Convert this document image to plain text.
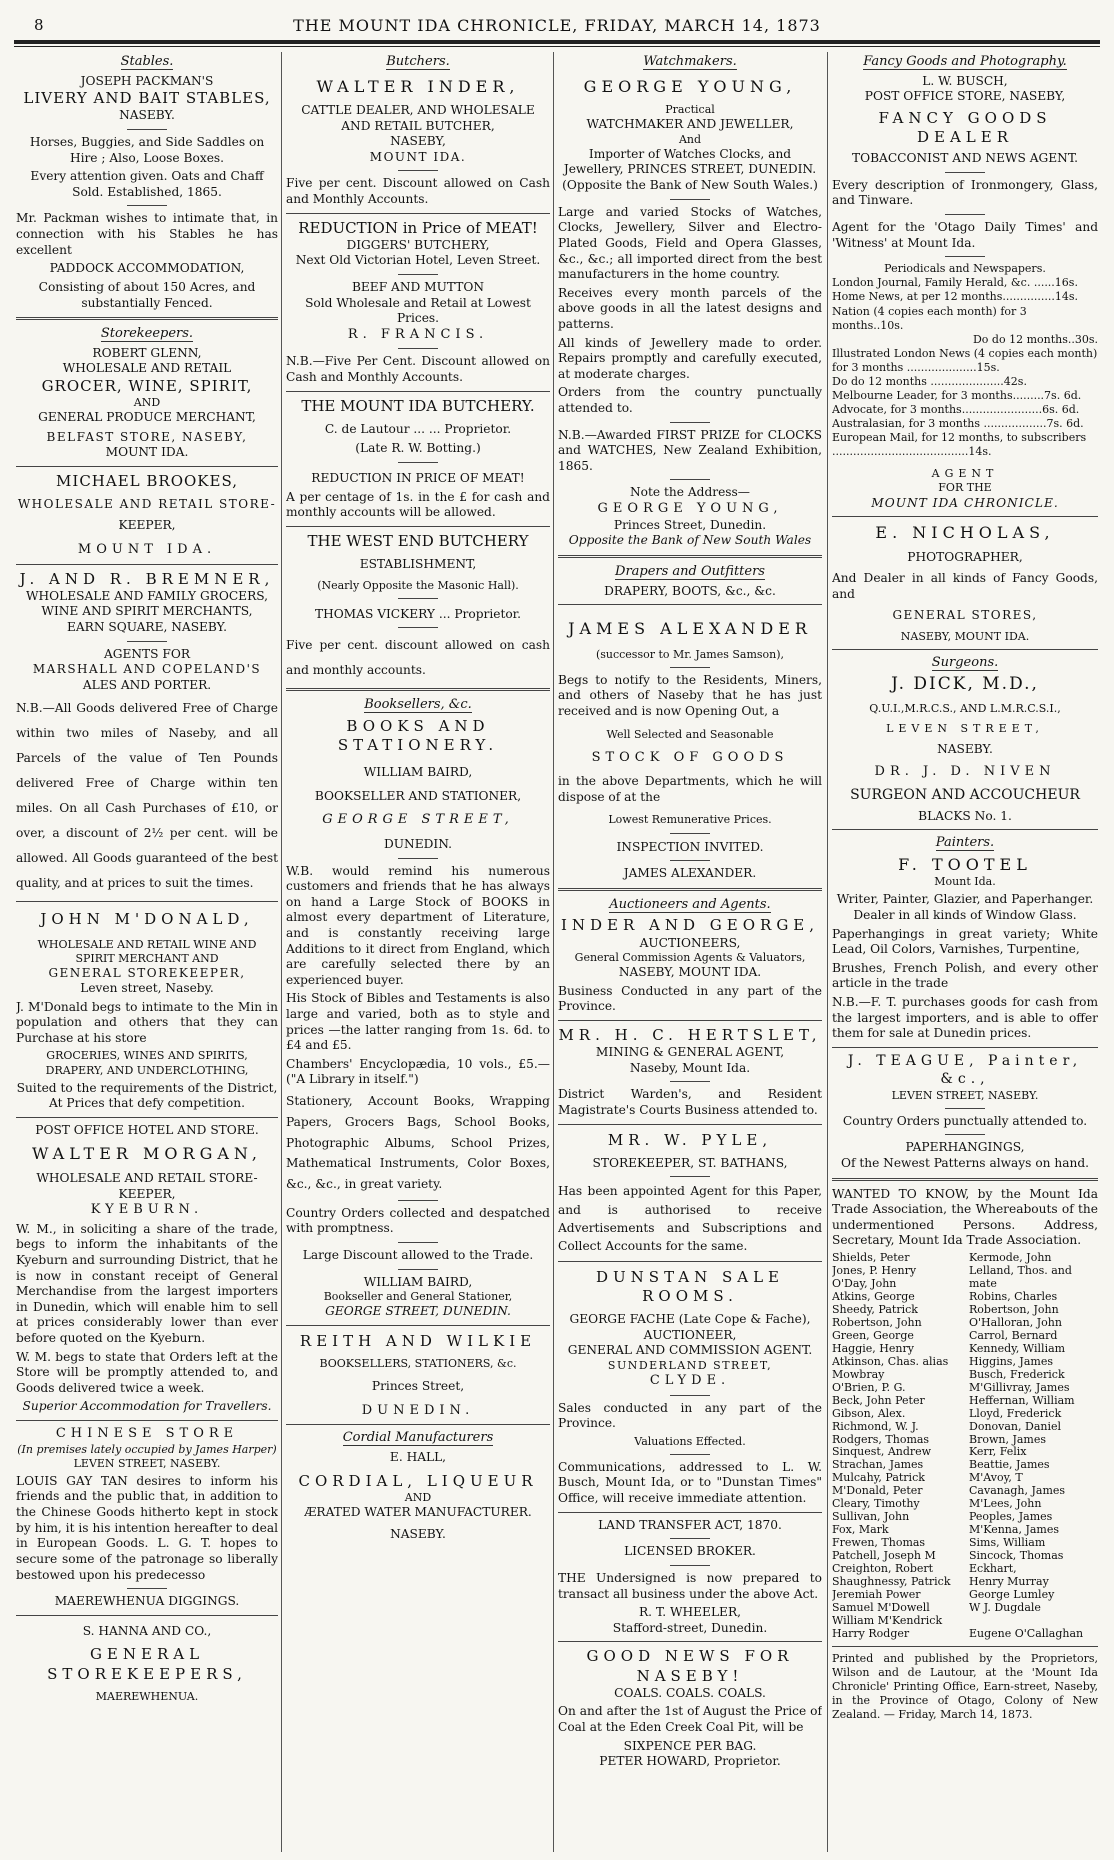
8	THE MOUNT IDA CHRONICLE, FRIDAY, MARCH 14, 1873
Stables.
JOSEPH PACKMAN'S
LIVERY AND BAIT STABLES,
NASEBY.

Horses, Buggies, and Side Saddles on Hire ; Also, Loose Boxes.

Every attention given. Oats and Chaff Sold. Established, 1865.

Mr. Packman wishes to intimate that, in connection with his Stables he has excellent

PADDOCK ACCOMMODATION,

Consisting of about 150 Acres, and substantially Fenced.

Storekeepers.
ROBERT GLENN,
WHOLESALE AND RETAIL
GROCER, WINE, SPIRIT,
AND
GENERAL PRODUCE MERCHANT,
BELFAST STORE, NASEBY,
MOUNT IDA.
MICHAEL BROOKES,
WHOLESALE AND RETAIL STORE-
KEEPER,
MOUNT IDA.
J. AND R. BREMNER,
WHOLESALE AND FAMILY GROCERS,
WINE AND SPIRIT MERCHANTS,
EARN SQUARE, NASEBY.
AGENTS FOR
MARSHALL AND COPELAND'S
ALES AND PORTER.

N.B.—All Goods delivered Free of Charge within two miles of Naseby, and all Parcels of the value of Ten Pounds delivered Free of Charge within ten miles. On all Cash Purchases of £10, or over, a discount of 2½ per cent. will be allowed. All Goods guaranteed of the best quality, and at prices to suit the times.

JOHN M'DONALD,
WHOLESALE AND RETAIL WINE AND
SPIRIT MERCHANT AND
GENERAL STOREKEEPER,
Leven street, Naseby.

J. M'Donald begs to intimate to the Min in population and others that they can Purchase at his store

GROCERIES, WINES AND SPIRITS, DRAPERY, AND UNDERCLOTHING,

Suited to the requirements of the District, At Prices that defy competition.

POST OFFICE HOTEL AND STORE.
WALTER MORGAN,
WHOLESALE AND RETAIL STORE-
KEEPER,
KYEBURN.

W. M., in soliciting a share of the trade, begs to inform the inhabitants of the Kyeburn and surrounding District, that he is now in constant receipt of General Merchandise from the largest importers in Dunedin, which will enable him to sell at prices considerably lower than ever before quoted on the Kyeburn.

W. M. begs to state that Orders left at the Store will be promptly attended to, and Goods delivered twice a week.

Superior Accommodation for Travellers.
CHINESE STORE
(In premises lately occupied by James Harper)
LEVEN STREET, NASEBY.

LOUIS GAY TAN desires to inform his friends and the public that, in addition to the Chinese Goods hitherto kept in stock by him, it is his intention hereafter to deal in European Goods. L. G. T. hopes to secure some of the patronage so liberally bestowed upon his predecesso

MAEREWHENUA DIGGINGS.
S. HANNA AND CO.,
GENERAL STOREKEEPERS,
MAEREWHENUA.
Butchers.
WALTER INDER,
CATTLE DEALER, AND WHOLESALE AND RETAIL BUTCHER,
NASEBY,
MOUNT IDA.

Five per cent. Discount allowed on Cash and Monthly Accounts.

REDUCTION in Price of MEAT!
DIGGERS' BUTCHERY,
Next Old Victorian Hotel, Leven Street.
BEEF AND MUTTON
Sold Wholesale and Retail at Lowest Prices.
R. FRANCIS.

N.B.—Five Per Cent. Discount allowed on Cash and Monthly Accounts.

THE MOUNT IDA BUTCHERY.
C. de Lautour ... ... Proprietor.
(Late R. W. Botting.)
REDUCTION IN PRICE OF MEAT!

A per centage of 1s. in the £ for cash and monthly accounts will be allowed.

THE WEST END BUTCHERY
ESTABLISHMENT,
(Nearly Opposite the Masonic Hall).
THOMAS VICKERY ... Proprietor.

Five per cent. discount allowed on cash and monthly accounts.

Booksellers, &c.
BOOKS AND STATIONERY.
WILLIAM BAIRD,
BOOKSELLER AND STATIONER,
GEORGE STREET,
DUNEDIN.

W.B. would remind his numerous customers and friends that he has always on hand a Large Stock of BOOKS in almost every department of Literature, and is constantly receiving large Additions to it direct from England, which are carefully selected there by an experienced buyer.

His Stock of Bibles and Testaments is also large and varied, both as to style and prices —the latter ranging from 1s. 6d. to £4 and £5.

Chambers' Encyclopædia, 10 vols., £5.— ("A Library in itself.")

Stationery, Account Books, Wrapping Papers, Grocers Bags, School Books, Photographic Albums, School Prizes, Mathematical Instruments, Color Boxes, &c., &c., in great variety.

Country Orders collected and despatched with promptness.

Large Discount allowed to the Trade.
WILLIAM BAIRD,
Bookseller and General Stationer,
GEORGE STREET, DUNEDIN.
REITH AND WILKIE
BOOKSELLERS, STATIONERS, &c.
Princes Street,
DUNEDIN.
Cordial Manufacturers
E. HALL,
CORDIAL, LIQUEUR
AND
ÆRATED WATER MANUFACTURER.
NASEBY.
Watchmakers.
GEORGE YOUNG,
Practical
WATCHMAKER AND JEWELLER,
And
Importer of Watches Clocks, and Jewellery, PRINCES STREET, DUNEDIN.
(Opposite the Bank of New South Wales.)

Large and varied Stocks of Watches, Clocks, Jewellery, Silver and Electro-Plated Goods, Field and Opera Glasses, &c., &c.; all imported direct from the best manufacturers in the home country.

Receives every month parcels of the above goods in all the latest designs and patterns.

All kinds of Jewellery made to order. Repairs promptly and carefully executed, at moderate charges.

Orders from the country punctually attended to.

N.B.—Awarded FIRST PRIZE for CLOCKS and WATCHES, New Zealand Exhibition, 1865.

Note the Address—
GEORGE YOUNG,
Princes Street, Dunedin.
Opposite the Bank of New South Wales
Drapers and Outfitters
DRAPERY, BOOTS, &c., &c.
JAMES ALEXANDER
(successor to Mr. James Samson),

Begs to notify to the Residents, Miners, and others of Naseby that he has just received and is now Opening Out, a

Well Selected and Seasonable
STOCK OF GOODS

in the above Departments, which he will dispose of at the

Lowest Remunerative Prices.
INSPECTION INVITED.
JAMES ALEXANDER.
Auctioneers and Agents.
INDER AND GEORGE,
AUCTIONEERS,
General Commission Agents & Valuators,
NASEBY, MOUNT IDA.

Business Conducted in any part of the Province.

MR. H. C. HERTSLET,
MINING & GENERAL AGENT,
Naseby, Mount Ida.

District Warden's, and Resident Magistrate's Courts Business attended to.

MR. W. PYLE,
STOREKEEPER, ST. BATHANS,

Has been appointed Agent for this Paper, and is authorised to receive Advertisements and Subscriptions and Collect Accounts for the same.

DUNSTAN SALE ROOMS.
GEORGE FACHE (Late Cope & Fache),
AUCTIONEER,
GENERAL AND COMMISSION AGENT.
SUNDERLAND STREET,
CLYDE.

Sales conducted in any part of the Province.

Valuations Effected.

Communications, addressed to L. W. Busch, Mount Ida, or to "Dunstan Times" Office, will receive immediate attention.

LAND TRANSFER ACT, 1870.
LICENSED BROKER.

THE Undersigned is now prepared to transact all business under the above Act.

R. T. WHEELER,
Stafford-street, Dunedin.
GOOD NEWS FOR NASEBY!
COALS. COALS. COALS.

On and after the 1st of August the Price of Coal at the Eden Creek Coal Pit, will be

SIXPENCE PER BAG.
PETER HOWARD, Proprietor.
Fancy Goods and Photography.
L. W. BUSCH,
POST OFFICE STORE, NASEBY,
FANCY GOODS DEALER
TOBACCONIST AND NEWS AGENT.

Every description of Ironmongery, Glass, and Tinware.

Agent for the 'Otago Daily Times' and 'Witness' at Mount Ida.

Periodicals and Newspapers.
London Journal, Family Herald, &c. ......16s.
Home News, at per 12 months...............14s.
Nation (4 copies each month) for 3 months..10s.
Do do 12 months..30s.
Illustrated London News (4 copies each month) for 3 months ....................15s.
Do do 12 months .....................42s.
Melbourne Leader, for 3 months.........7s. 6d.
Advocate, for 3 months.......................6s. 6d.
Australasian, for 3 months ..................7s. 6d.
European Mail, for 12 months, to subscribers .......................................14s.
AGENT
FOR THE
MOUNT IDA CHRONICLE.
E. NICHOLAS,
PHOTOGRAPHER,

And Dealer in all kinds of Fancy Goods, and

GENERAL STORES,
NASEBY, MOUNT IDA.
Surgeons.
J. DICK, M.D.,
Q.U.I.,M.R.C.S., AND L.M.R.C.S.I.,
LEVEN STREET,
NASEBY.
DR. J. D. NIVEN
SURGEON AND ACCOUCHEUR
BLACKS No. 1.
Painters.
F. TOOTEL
Mount Ida.

Writer, Painter, Glazier, and Paperhanger. Dealer in all kinds of Window Glass.

Paperhangings in great variety; White Lead, Oil Colors, Varnishes, Turpentine,

Brushes, French Polish, and every other article in the trade

N.B.—F. T. purchases goods for cash from the largest importers, and is able to offer them for sale at Dunedin prices.

J. TEAGUE, Painter, &c.,
LEVEN STREET, NASEBY.
Country Orders punctually attended to.
PAPERHANGINGS,
Of the Newest Patterns always on hand.

WANTED TO KNOW, by the Mount Ida Trade Association, the Whereabouts of the undermentioned Persons. Address, Secretary, Mount Ida Trade Association.

Shields, Peter
Jones, P. Henry
O'Day, John
Atkins, George
Sheedy, Patrick
Robertson, John
Green, George
Haggie, Henry
Atkinson, Chas. alias Mowbray
O'Brien, P. G.
Beck, John Peter
Gibson, Alex.
Richmond, W. J.
Rodgers, Thomas
Sinquest, Andrew
Strachan, James
Mulcahy, Patrick
M'Donald, Peter
Cleary, Timothy
Sullivan, John
Fox, Mark
Frewen, Thomas
Patchell, Joseph M
Creighton, Robert
Shaughnessy, Patrick
Jeremiah Power
Samuel M'Dowell
William M'Kendrick
Harry Rodger
Kermode, John
Lelland, Thos. and mate
Robins, Charles
Robertson, John
O'Halloran, John
Carrol, Bernard
Kennedy, William
Higgins, James
Busch, Frederick
M'Gillivray, James
Heffernan, William
Lloyd, Frederick
Donovan, Daniel
Brown, James
Kerr, Felix
Beattie, James
M'Avoy, T
Cavanagh, James
M'Lees, John
Peoples, James
M'Kenna, James
Sims, William
Sincock, Thomas
Eckhart,
Henry Murray
George Lumley
W J. Dugdale

Eugene O'Callaghan

Printed and published by the Proprietors, Wilson and de Lautour, at the 'Mount Ida Chronicle' Printing Office, Earn-street, Naseby, in the Province of Otago, Colony of New Zealand. — Friday, March 14, 1873.
